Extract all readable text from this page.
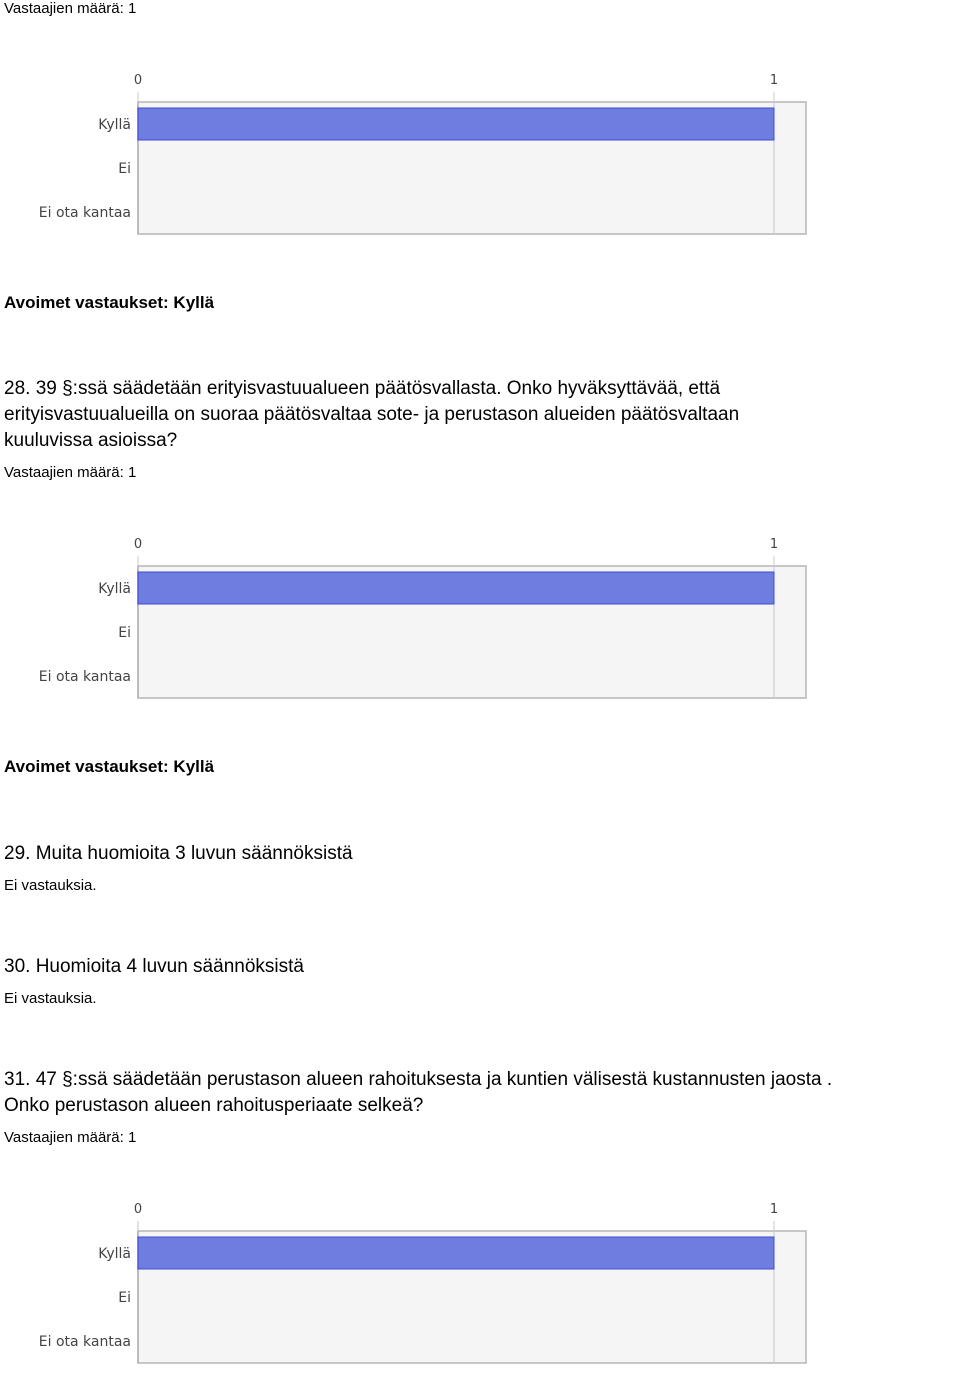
Vastaajien määrä: 1
0	1
Kyllä
Ei
Ei ota kantaa
Avoimet vastaukset: Kyllä
28. 39 §:ssä säädetään erityisvastuualueen päätösvallasta. Onko hyväksyttävää, että
erityisvastuualueilla on suoraa päätösvaltaa sote- ja perustason alueiden päätösvaltaan
kuuluvissa asioissa?
Vastaajien määrä: 1
0	1
Kyllä
Ei
Ei ota kantaa
Avoimet vastaukset: Kyllä
29. Muita huomioita 3 luvun säännöksistä
Ei vastauksia.
30. Huomioita 4 luvun säännöksistä
Ei vastauksia.
31. 47 §:ssä säädetään perustason alueen rahoituksesta ja kuntien välisestä kustannusten jaosta .
Onko perustason alueen rahoitusperiaate selkeä?
Vastaajien määrä: 1
0	1
Kyllä
Ei
Ei ota kantaa
